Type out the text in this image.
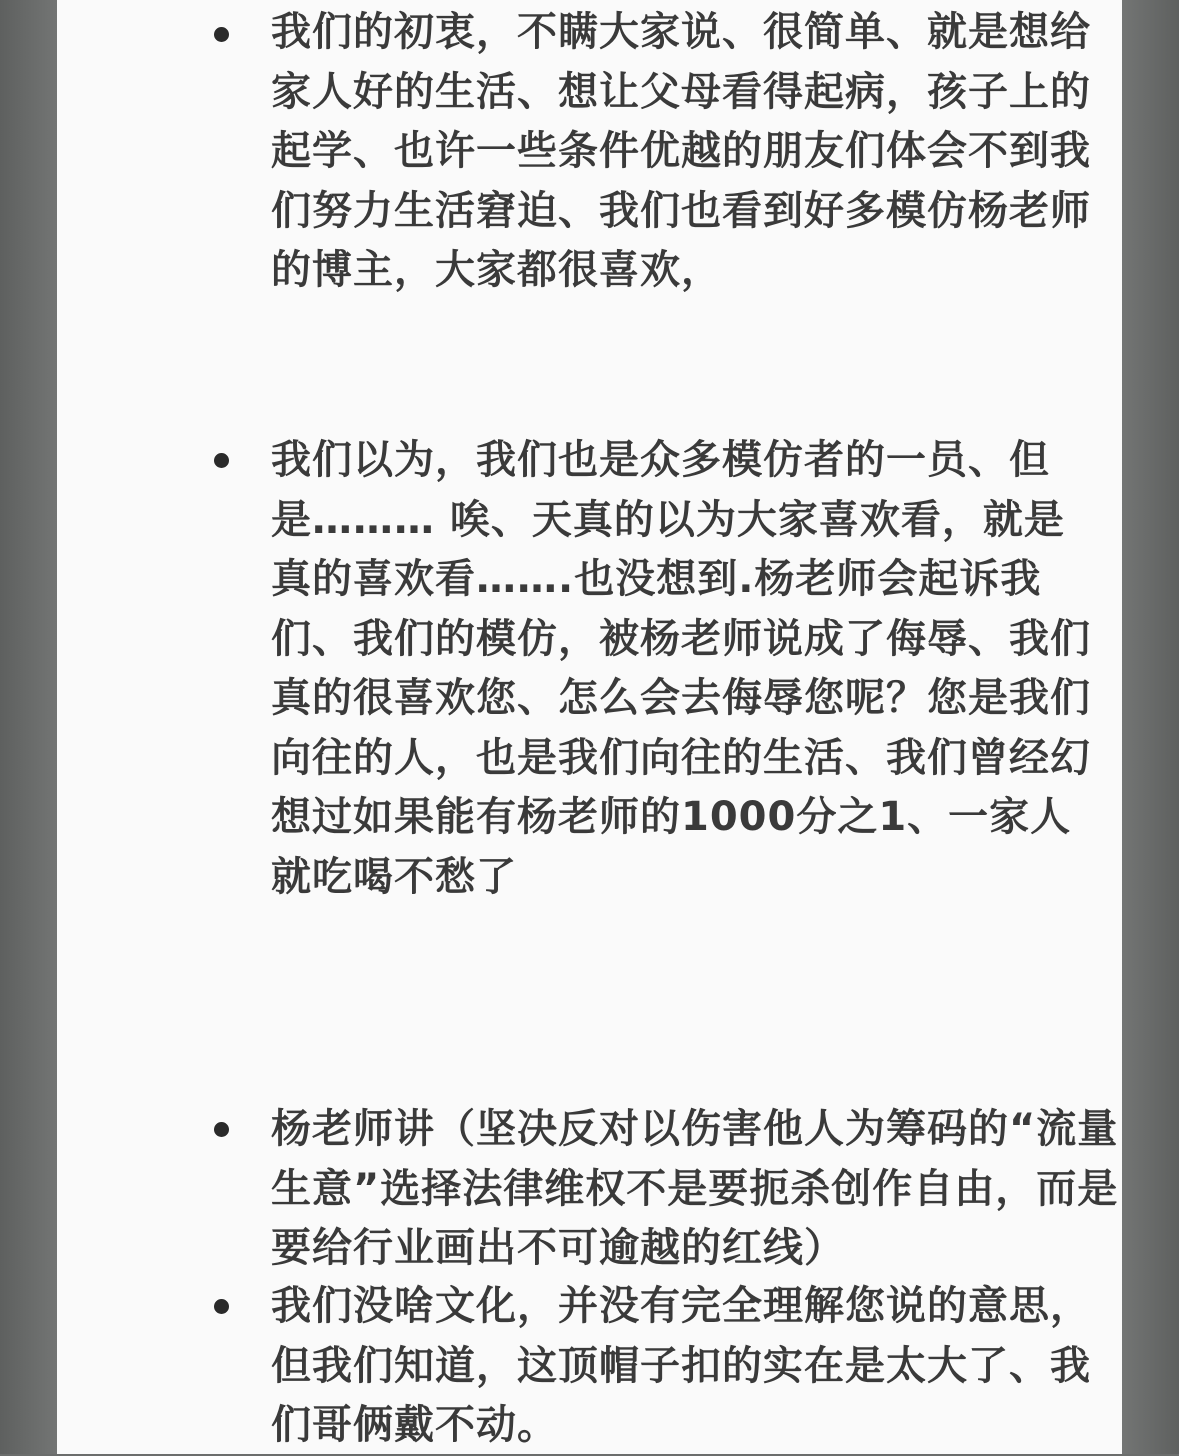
我们的初衷，不瞒大家说、很简单、就是想给家人好的生活、想让父母看得起病，孩子上的起学、也许一些条件优越的朋友们体会不到我们努力生活窘迫、我们也看到好多模仿杨老师的博主，大家都很喜欢，

我们以为，我们也是众多模仿者的一员、但是……… 唉、天真的以为大家喜欢看，就是真的喜欢看…….也没想到.杨老师会起诉我们、我们的模仿，被杨老师说成了侮辱、我们真的很喜欢您、怎么会去侮辱您呢？您是我们向往的人，也是我们向往的生活、我们曾经幻想过如果能有杨老师的1000分之1、一家人就吃喝不愁了

杨老师讲（坚决反对以伤害他人为筹码的“流量生意”选择法律维权不是要扼杀创作自由，而是要给行业画出不可逾越的红线）

我们没啥文化，并没有完全理解您说的意思，但我们知道，这顶帽子扣的实在是太大了、我们哥俩戴不动。
